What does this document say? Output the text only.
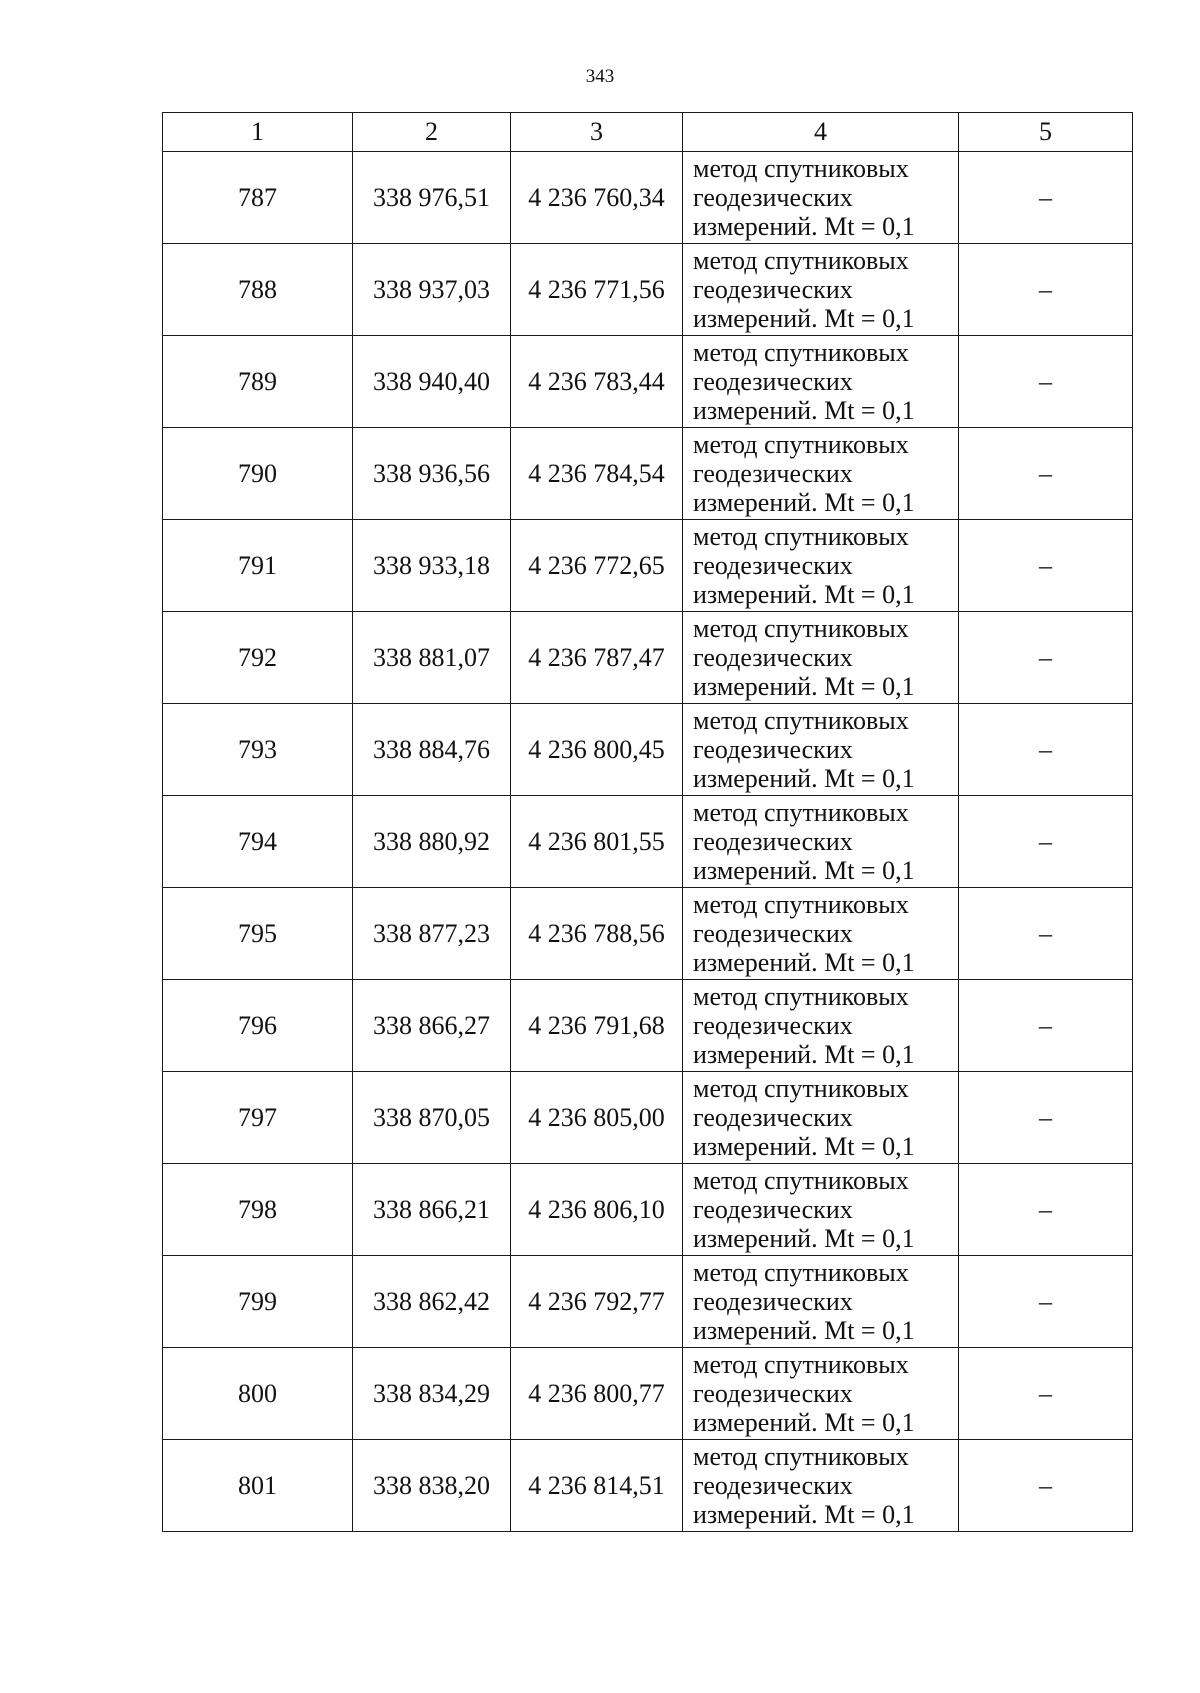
343
1	2	3	4	5
787	338 976,51	4 236 760,34	метод спутниковых геодезических измерений. Mt = 0,1	–
788	338 937,03	4 236 771,56	метод спутниковых геодезических измерений. Mt = 0,1	–
789	338 940,40	4 236 783,44	метод спутниковых геодезических измерений. Mt = 0,1	–
790	338 936,56	4 236 784,54	метод спутниковых геодезических измерений. Mt = 0,1	–
791	338 933,18	4 236 772,65	метод спутниковых геодезических измерений. Mt = 0,1	–
792	338 881,07	4 236 787,47	метод спутниковых геодезических измерений. Mt = 0,1	–
793	338 884,76	4 236 800,45	метод спутниковых геодезических измерений. Mt = 0,1	–
794	338 880,92	4 236 801,55	метод спутниковых геодезических измерений. Mt = 0,1	–
795	338 877,23	4 236 788,56	метод спутниковых геодезических измерений. Mt = 0,1	–
796	338 866,27	4 236 791,68	метод спутниковых геодезических измерений. Mt = 0,1	–
797	338 870,05	4 236 805,00	метод спутниковых геодезических измерений. Mt = 0,1	–
798	338 866,21	4 236 806,10	метод спутниковых геодезических измерений. Mt = 0,1	–
799	338 862,42	4 236 792,77	метод спутниковых геодезических измерений. Mt = 0,1	–
800	338 834,29	4 236 800,77	метод спутниковых геодезических измерений. Mt = 0,1	–
801	338 838,20	4 236 814,51	метод спутниковых геодезических измерений. Mt = 0,1	–
